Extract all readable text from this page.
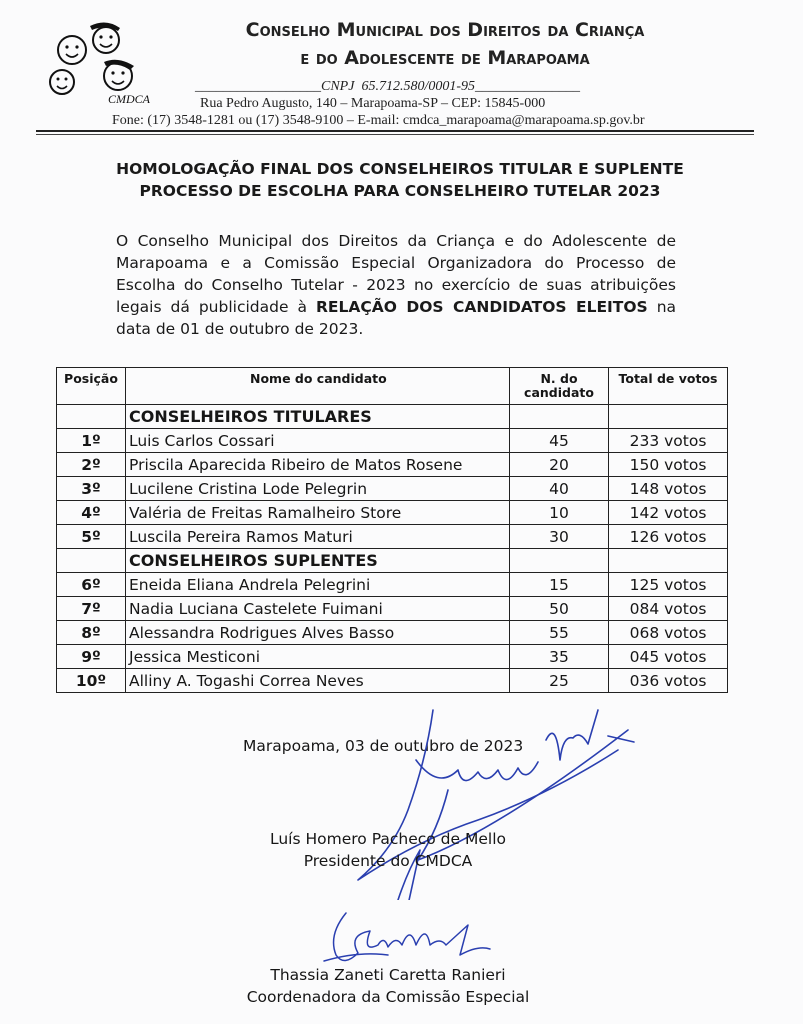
CMDCA
Conselho Municipal dos Direitos da Criança
e do Adolescente de Marapoama
__________________CNPJ  65.712.580/0001-95_______________
Rua Pedro Augusto, 140 – Marapoama-SP – CEP: 15845-000
Fone: (17) 3548-1281 ou (17) 3548-9100 – E-mail: cmdca_marapoama@marapoama.sp.gov.br
HOMOLOGAÇÃO FINAL DOS CONSELHEIROS TITULAR E SUPLENTE
PROCESSO DE ESCOLHA PARA CONSELHEIRO TUTELAR 2023
O Conselho Municipal dos Direitos da Criança e do Adolescente de Marapoama e a Comissão Especial Organizadora do Processo de Escolha do Conselho Tutelar - 2023 no exercício de suas atribuições legais dá publicidade à RELAÇÃO DOS CANDIDATOS ELEITOS na data de 01 de outubro de 2023.
Posição	Nome do candidato	N. do candidato	Total de votos
	CONSELHEIROS TITULARES		
1º	Luis Carlos Cossari	45	233 votos
2º	Priscila Aparecida Ribeiro de Matos Rosene	20	150 votos
3º	Lucilene Cristina Lode Pelegrin	40	148 votos
4º	Valéria de Freitas Ramalheiro Store	10	142 votos
5º	Luscila Pereira Ramos Maturi	30	126 votos
	CONSELHEIROS SUPLENTES		
6º	Eneida Eliana Andrela Pelegrini	15	125 votos
7º	Nadia Luciana Castelete Fuimani	50	084 votos
8º	Alessandra Rodrigues Alves Basso	55	068 votos
9º	Jessica Mesticoni	35	045 votos
10º	Alliny A. Togashi Correa Neves	25	036 votos
Marapoama, 03 de outubro de 2023
Luís Homero Pacheco de Mello
Presidente do CMDCA
Thassia Zaneti Caretta Ranieri
Coordenadora da Comissão Especial
